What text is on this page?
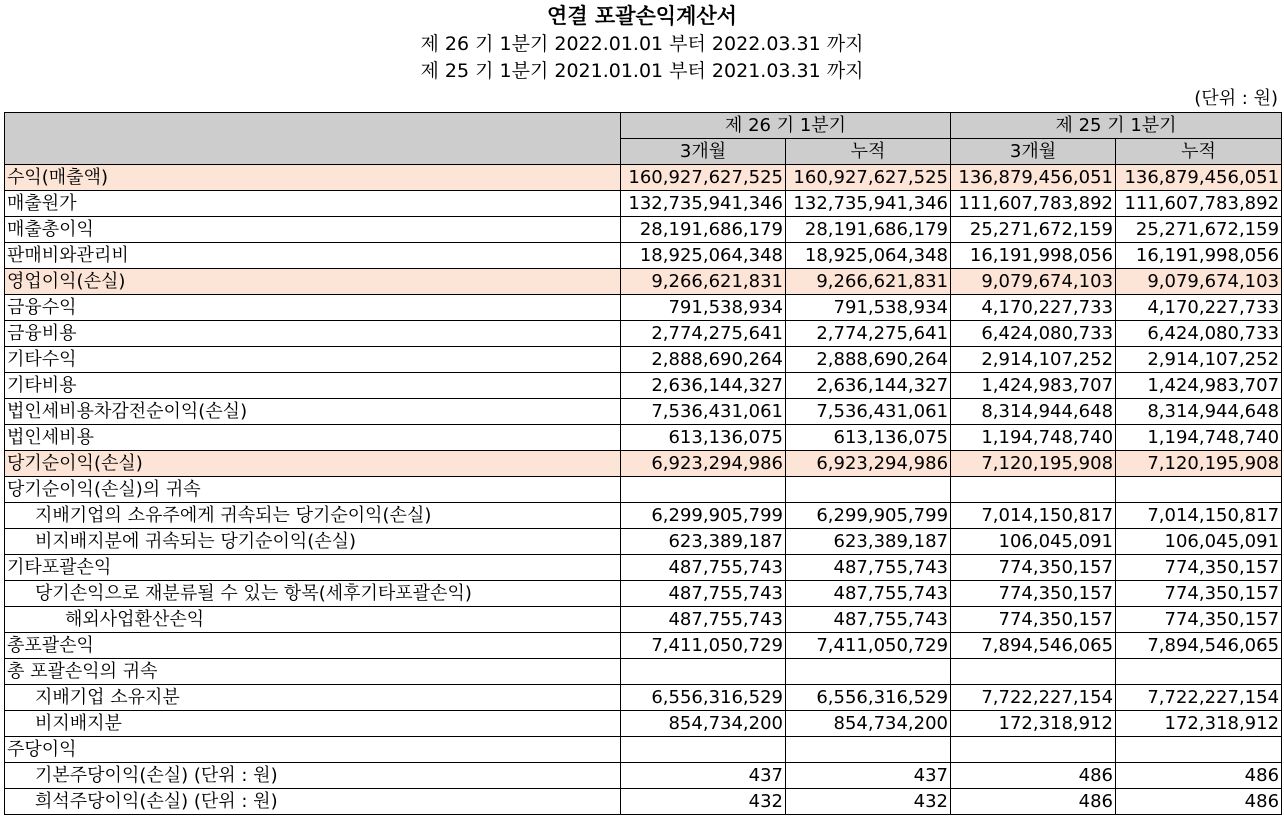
연결 포괄손익계산서
제 26 기 1분기 2022.01.01 부터 2022.03.31 까지
제 25 기 1분기 2021.01.01 부터 2021.03.31 까지
(단위 : 원)
	제 26 기 1분기		제 25 기 1분기	
	3개월	누적	3개월	누적
수익(매출액)	160,927,627,525	160,927,627,525	136,879,456,051	136,879,456,051
매출원가	132,735,941,346	132,735,941,346	111,607,783,892	111,607,783,892
매출총이익	28,191,686,179	28,191,686,179	25,271,672,159	25,271,672,159
판매비와관리비	18,925,064,348	18,925,064,348	16,191,998,056	16,191,998,056
영업이익(손실)	9,266,621,831	9,266,621,831	9,079,674,103	9,079,674,103
금융수익	791,538,934	791,538,934	4,170,227,733	4,170,227,733
금융비용	2,774,275,641	2,774,275,641	6,424,080,733	6,424,080,733
기타수익	2,888,690,264	2,888,690,264	2,914,107,252	2,914,107,252
기타비용	2,636,144,327	2,636,144,327	1,424,983,707	1,424,983,707
법인세비용차감전순이익(손실)	7,536,431,061	7,536,431,061	8,314,944,648	8,314,944,648
법인세비용	613,136,075	613,136,075	1,194,748,740	1,194,748,740
당기순이익(손실)	6,923,294,986	6,923,294,986	7,120,195,908	7,120,195,908
당기순이익(손실)의 귀속				
지배기업의 소유주에게 귀속되는 당기순이익(손실)	6,299,905,799	6,299,905,799	7,014,150,817	7,014,150,817
비지배지분에 귀속되는 당기순이익(손실)	623,389,187	623,389,187	106,045,091	106,045,091
기타포괄손익	487,755,743	487,755,743	774,350,157	774,350,157
당기손익으로 재분류될 수 있는 항목(세후기타포괄손익)	487,755,743	487,755,743	774,350,157	774,350,157
해외사업환산손익	487,755,743	487,755,743	774,350,157	774,350,157
총포괄손익	7,411,050,729	7,411,050,729	7,894,546,065	7,894,546,065
총 포괄손익의 귀속				
지배기업 소유지분	6,556,316,529	6,556,316,529	7,722,227,154	7,722,227,154
비지배지분	854,734,200	854,734,200	172,318,912	172,318,912
주당이익				
기본주당이익(손실) (단위 : 원)	437	437	486	486
희석주당이익(손실) (단위 : 원)	432	432	486	486
